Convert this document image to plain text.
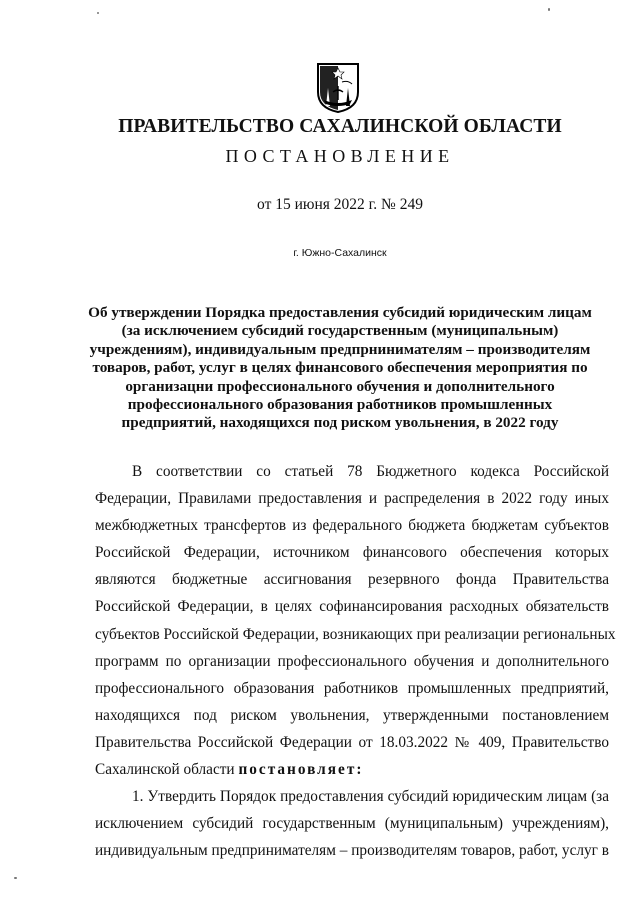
ПРАВИТЕЛЬСТВО САХАЛИНСКОЙ ОБЛАСТИ
ПОСТАНОВЛЕНИЕ
от 15 июня 2022 г. № 249
г. Южно-Сахалинск
Об утверждении Порядка предоставления субсидий юридическим лицам
(за исключением субсидий государственным (муниципальным)
учреждениям), индивидуальным предпрнинимателям – производителям
товаров, работ, услуг в целях финансового обеспечения мероприятия по
организацни профессионального обучения и дополнительного
профессионального образования работников промышленных
предприятий, находящихся под риском увольнения, в 2022 году
В соответствии со статьей 78 Бюджетного кодекса Российской
Федерации, Правилами предоставления и распределения в 2022 году иных
межбюджетных трансфертов из федерального бюджета бюджетам субъектов
Российской Федерации, источником финансового обеспечения которых
являются бюджетные ассигнования резервного фонда Правительства
Российской Федерации, в целях софинансирования расходных обязательств
субъектов Российской Федерации, возникающих при реализации региональных
программ по организации профессионального обучения и дополнительного
профессионального образования работников промышленных предприятий,
находящихся под риском увольнения, утвержденными постановлением
Правительства Российской Федерации от 18.03.2022 № 409, Правительство
Сахалинской области постановляет:
1. Утвердить Порядок предоставления субсидий юридическим лицам (за
исключением субсидий государственным (муниципальным) учреждениям),
индивидуальным предпринимателям – производителям товаров, работ, услуг в
